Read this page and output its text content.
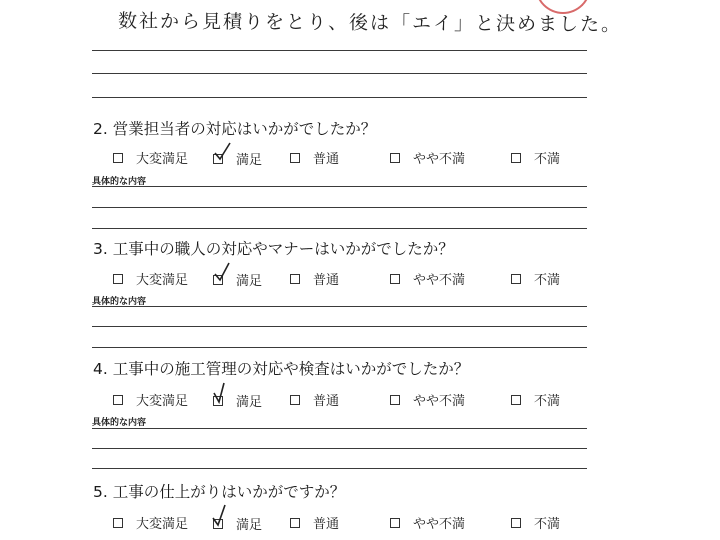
数社から見積りをとり、後は「エイ」と決めました。
2. 営業担当者の対応はいかがでしたか？
大変満足	満足	普通	やや不満	不満
具体的な内容
3. 工事中の職人の対応やマナーはいかがでしたか？
大変満足	満足	普通	やや不満	不満
具体的な内容
4. 工事中の施工管理の対応や検査はいかがでしたか？
大変満足	満足	普通	やや不満	不満
具体的な内容
5. 工事の仕上がりはいかがですか？
大変満足	満足	普通	やや不満	不満
